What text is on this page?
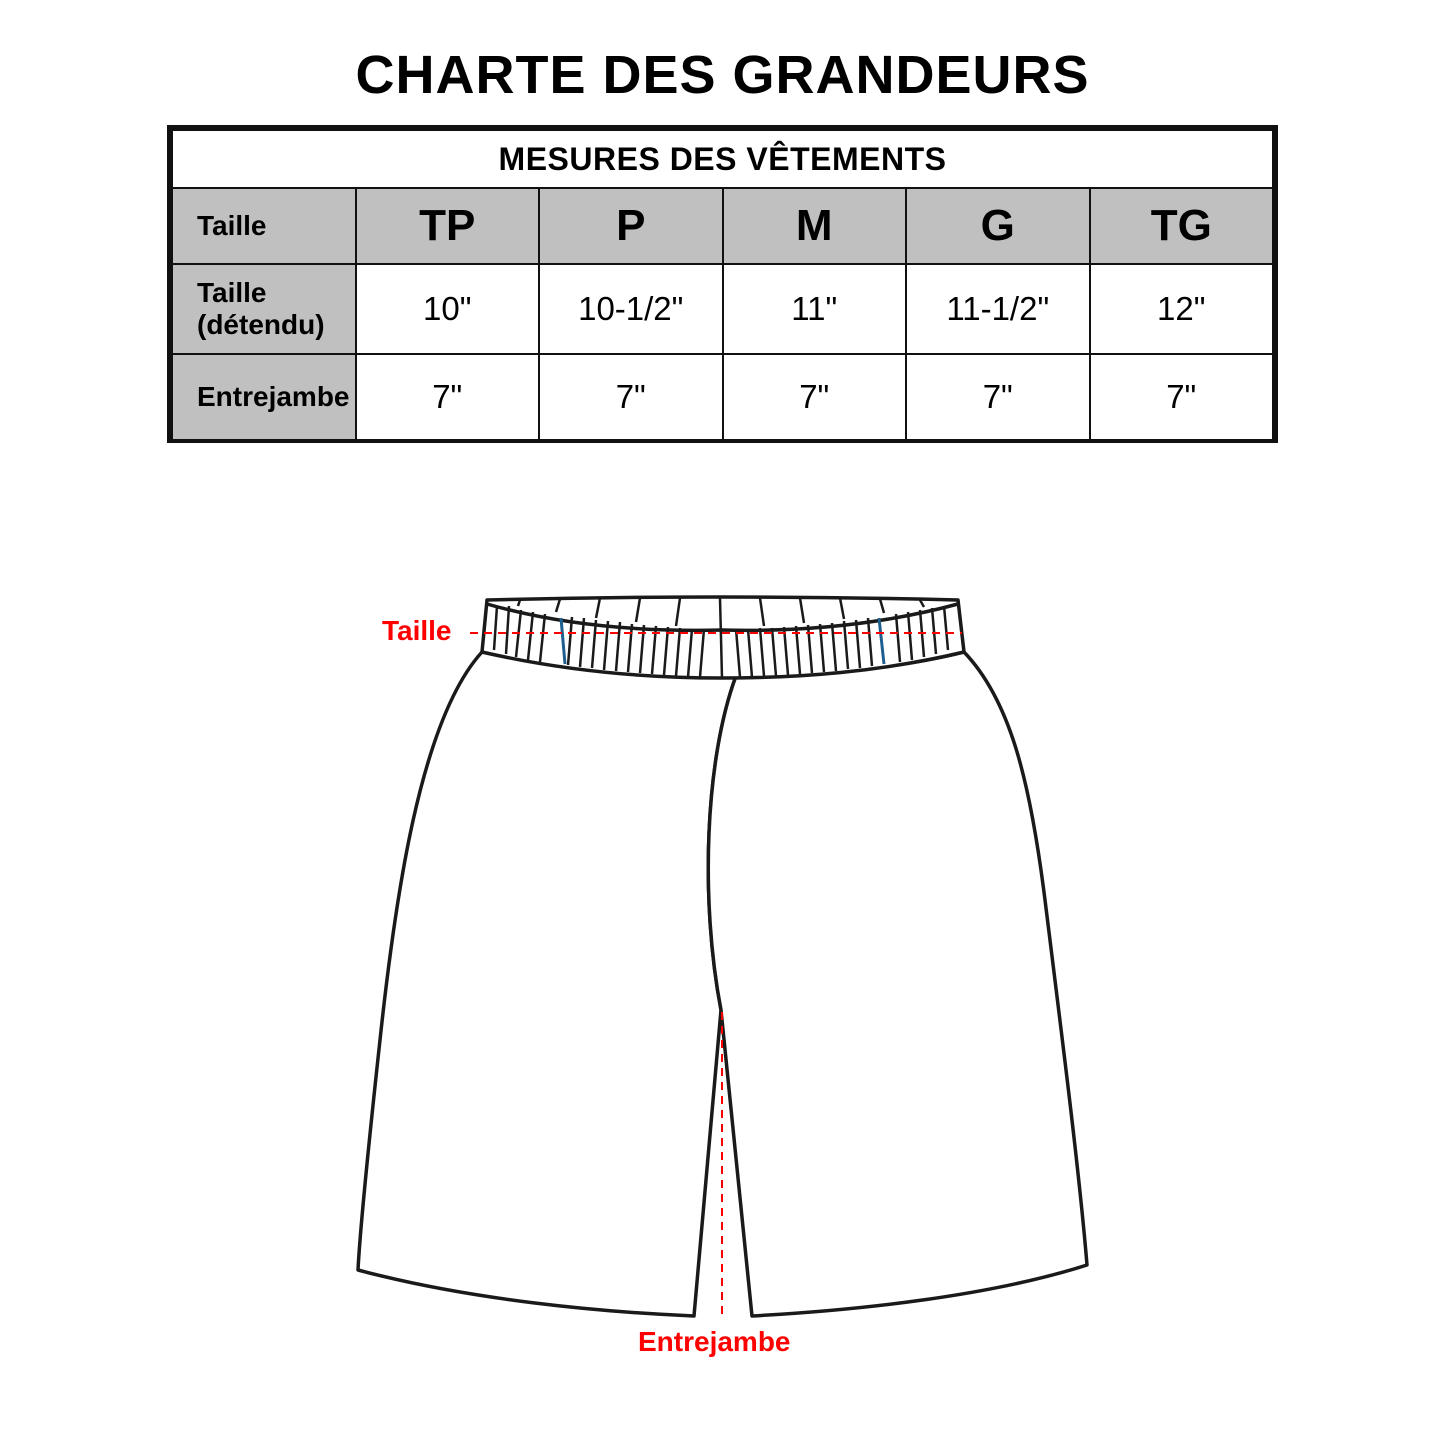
CHARTE DES GRANDEURS
MESURES DES VÊTEMENTS					
Taille	TP	P	M	G	TG
Taille (détendu)	10"	10-1/2"	11"	11-1/2"	12"
Entrejambe	7"	7"	7"	7"	7"
Taille
Entrejambe
